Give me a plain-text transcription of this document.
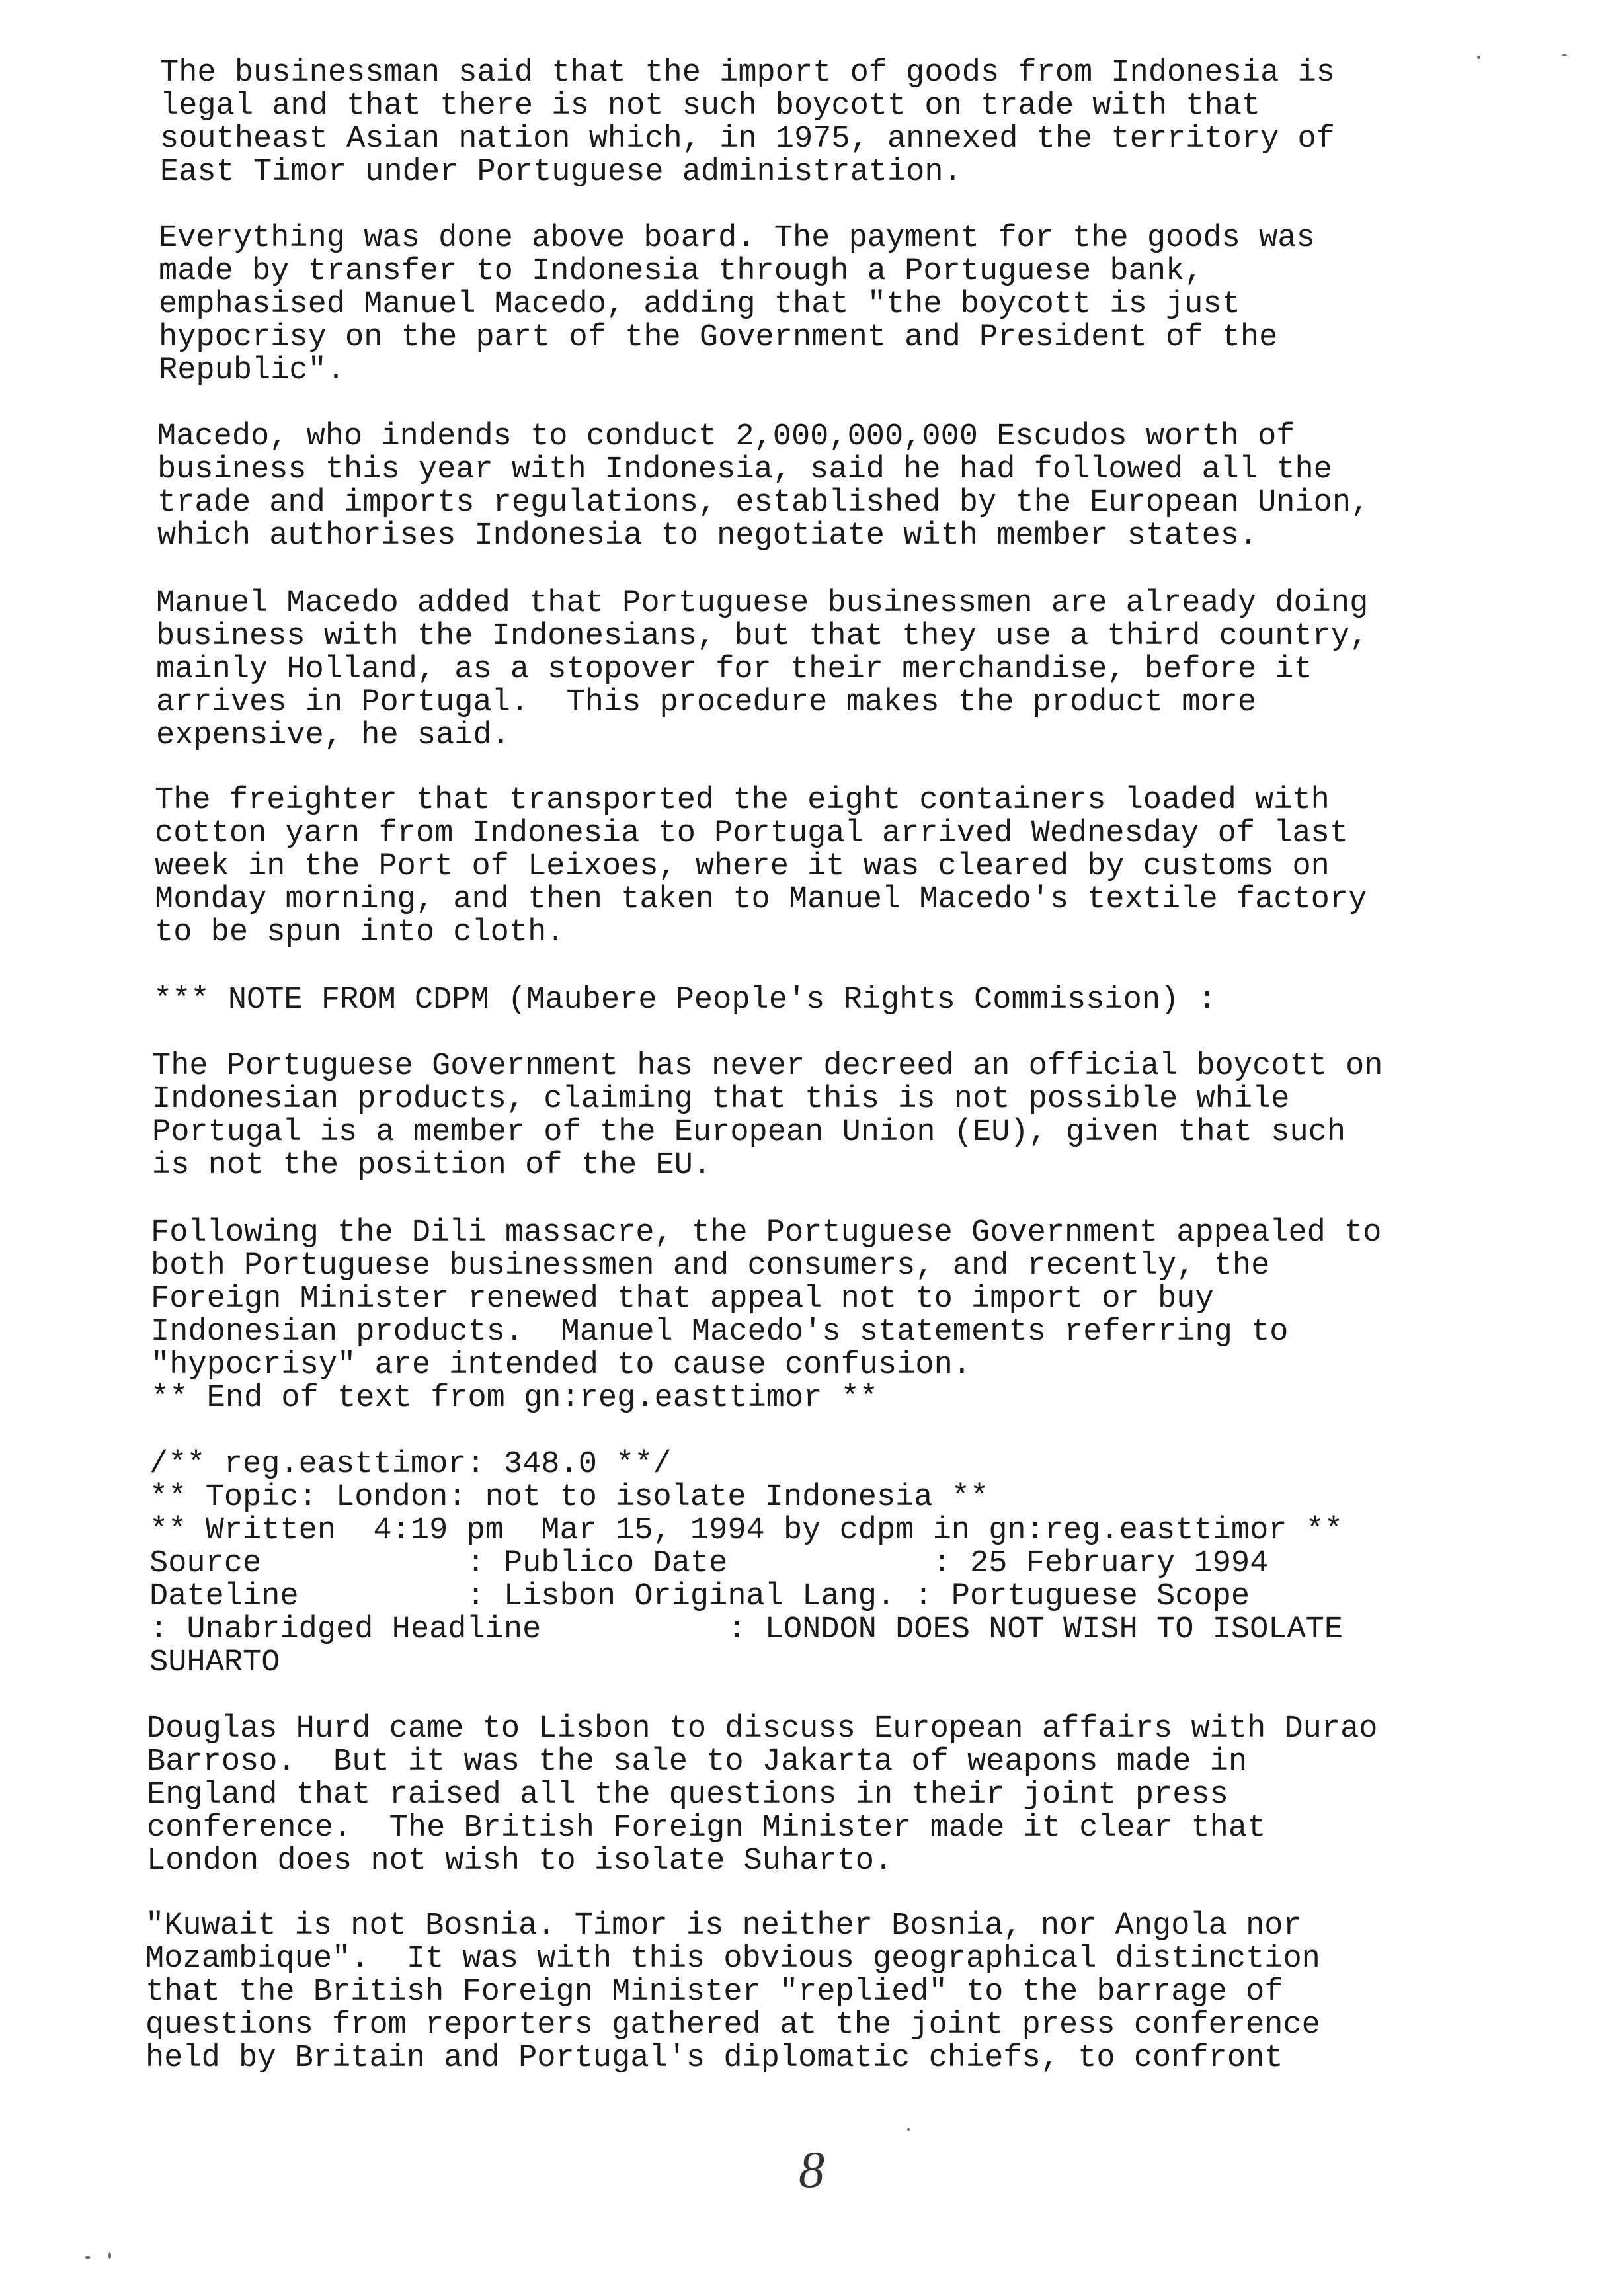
The businessman said that the import of goods from Indonesia is

legal and that there is not such boycott on trade with that

southeast Asian nation which, in 1975, annexed the territory of

East Timor under Portuguese administration.

Everything was done above board. The payment for the goods was

made by transfer to Indonesia through a Portuguese bank,

emphasised Manuel Macedo, adding that "the boycott is just

hypocrisy on the part of the Government and President of the

Republic".

Macedo, who indends to conduct 2,000,000,000 Escudos worth of

business this year with Indonesia, said he had followed all the

trade and imports regulations, established by the European Union,

which authorises Indonesia to negotiate with member states.

Manuel Macedo added that Portuguese businessmen are already doing

business with the Indonesians, but that they use a third country,

mainly Holland, as a stopover for their merchandise, before it

arrives in Portugal.  This procedure makes the product more

expensive, he said.

The freighter that transported the eight containers loaded with

cotton yarn from Indonesia to Portugal arrived Wednesday of last

week in the Port of Leixoes, where it was cleared by customs on

Monday morning, and then taken to Manuel Macedo's textile factory

to be spun into cloth.

*** NOTE FROM CDPM (Maubere People's Rights Commission) :

The Portuguese Government has never decreed an official boycott on

Indonesian products, claiming that this is not possible while

Portugal is a member of the European Union (EU), given that such

is not the position of the EU.

Following the Dili massacre, the Portuguese Government appealed to

both Portuguese businessmen and consumers, and recently, the

Foreign Minister renewed that appeal not to import or buy

Indonesian products.  Manuel Macedo's statements referring to

"hypocrisy" are intended to cause confusion.

** End of text from gn:reg.easttimor **

/** reg.easttimor: 348.0 **/

** Topic: London: not to isolate Indonesia **

** Written  4:19 pm  Mar 15, 1994 by cdpm in gn:reg.easttimor **

Source           : Publico Date           : 25 February 1994

Dateline         : Lisbon Original Lang. : Portuguese Scope

: Unabridged Headline          : LONDON DOES NOT WISH TO ISOLATE

SUHARTO

Douglas Hurd came to Lisbon to discuss European affairs with Durao

Barroso.  But it was the sale to Jakarta of weapons made in

England that raised all the questions in their joint press

conference.  The British Foreign Minister made it clear that

London does not wish to isolate Suharto.

"Kuwait is not Bosnia. Timor is neither Bosnia, nor Angola nor

Mozambique".  It was with this obvious geographical distinction

that the British Foreign Minister "replied" to the barrage of

questions from reporters gathered at the joint press conference

held by Britain and Portugal's diplomatic chiefs, to confront

8
